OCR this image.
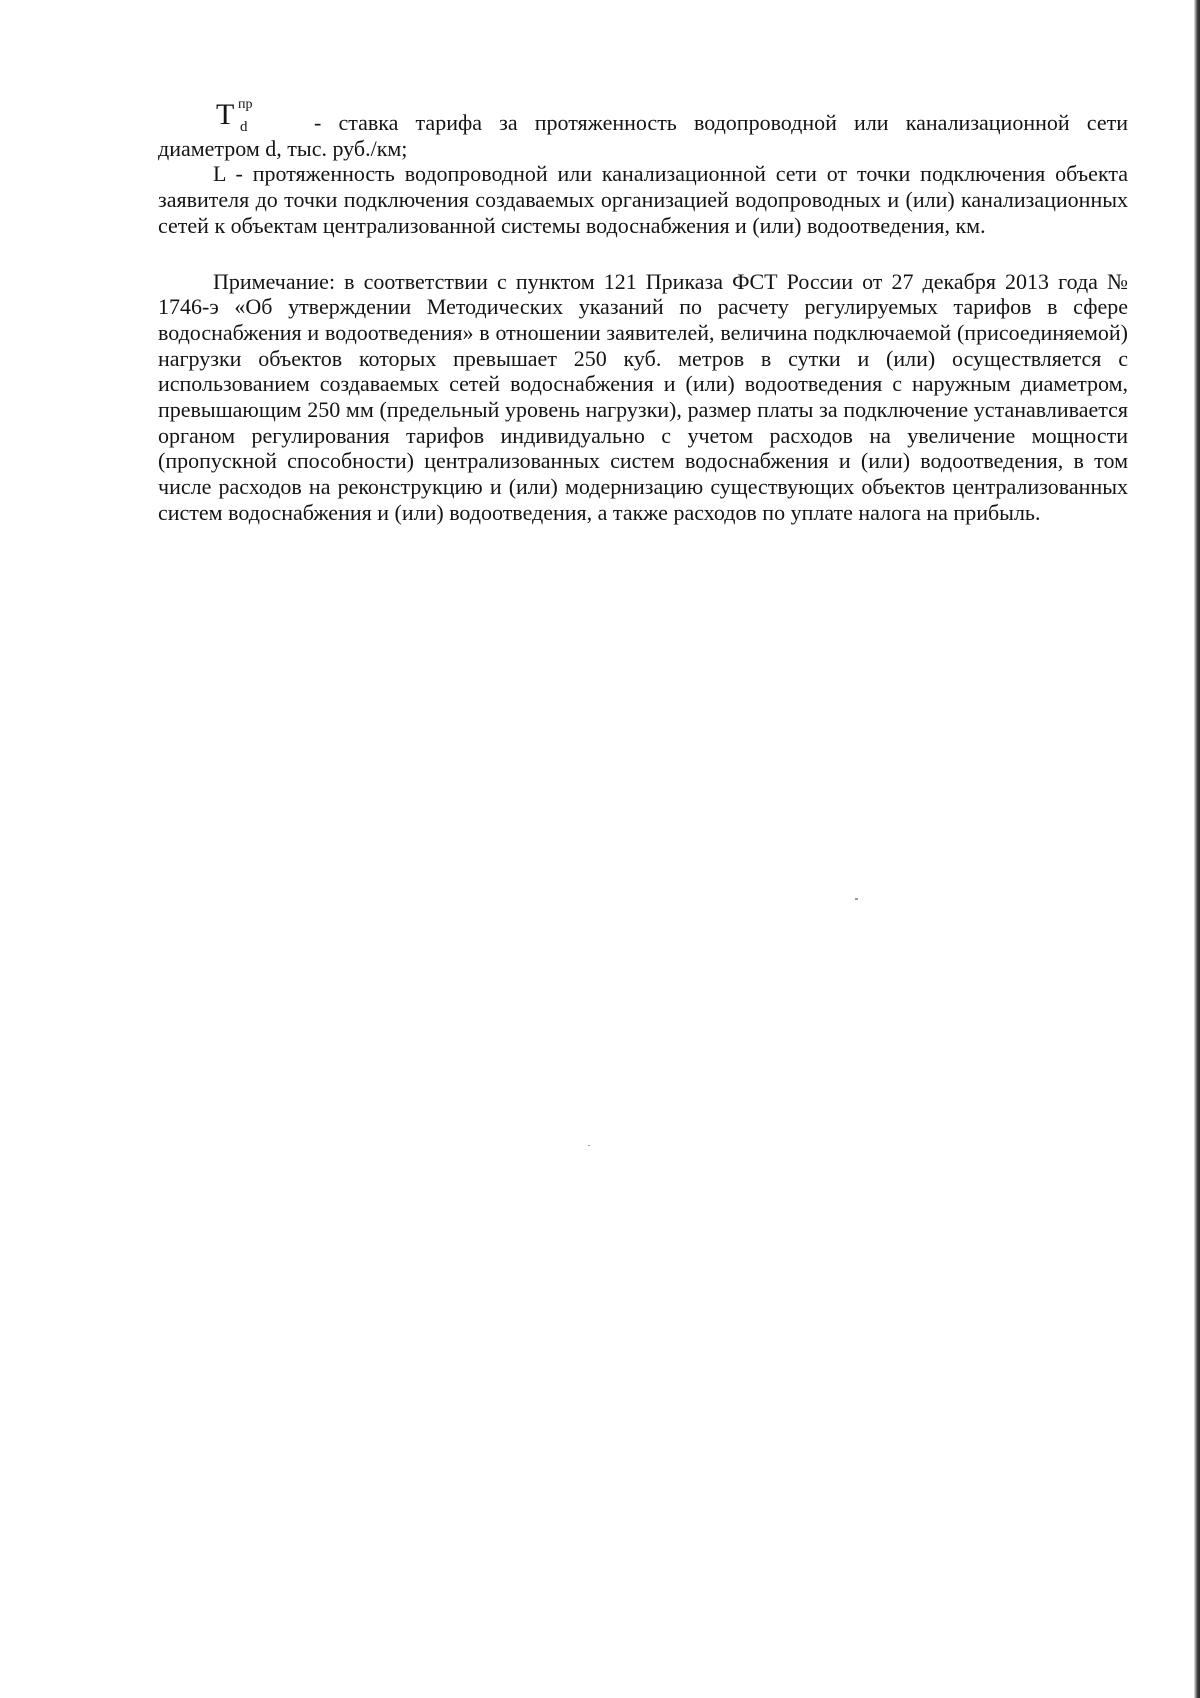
T пр
d	- ставка тарифа за протяженность водопроводной или канализационной сети диаметром d, тыс. руб./км;

L - протяженность водопроводной или канализационной сети от точки подключения объекта заявителя до точки подключения создаваемых организацией водопроводных и (или) канализационных сетей к объектам централизованной системы водоснабжения и (или) водоотведения, км.

Примечание: в соответствии с пунктом 121 Приказа ФСТ России от 27 декабря 2013 года № 1746-э «Об утверждении Методических указаний по расчету регулируемых тарифов в сфере водоснабжения и водоотведения» в отношении заявителей, величина подключаемой (присоединяемой) нагрузки объектов которых превышает 250 куб. метров в сутки и (или) осуществляется с использованием создаваемых сетей водоснабжения и (или) водоотведения с наружным диаметром, превышающим 250 мм (предельный уровень нагрузки), размер платы за подключение устанавливается органом регулирования тарифов индивидуально с учетом расходов на увеличение мощности (пропускной способности) централизованных систем водоснабжения и (или) водоотведения, в том числе расходов на реконструкцию и (или) модернизацию существующих объектов централизованных систем водоснабжения и (или) водоотведения, а также расходов по уплате налога на прибыль.
